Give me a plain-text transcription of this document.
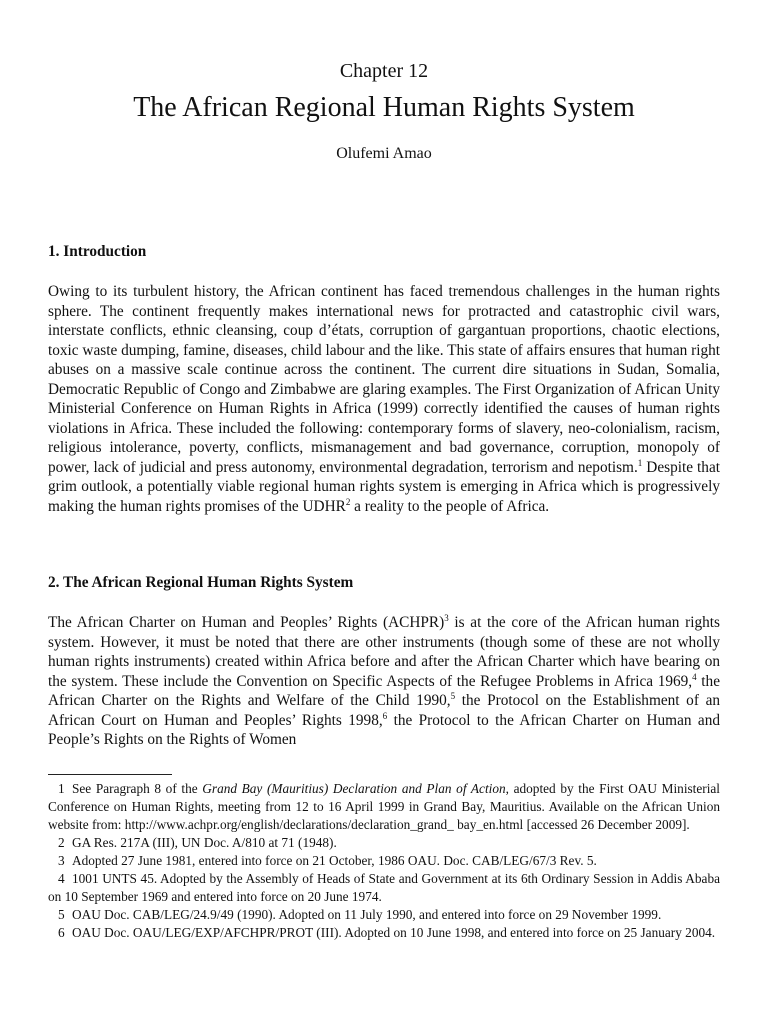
Chapter 12
The African Regional Human Rights System
Olufemi Amao
1. Introduction

Owing to its turbulent history, the African continent has faced tremendous challenges in the human rights sphere. The continent frequently makes international news for protracted and catastrophic civil wars, interstate conflicts, ethnic cleansing, coup d’états, corruption of gargantuan proportions, chaotic elections, toxic waste dumping, famine, diseases, child labour and the like. This state of affairs ensures that human right abuses on a massive scale continue across the continent. The current dire situations in Sudan, Somalia, Democratic Republic of Congo and Zimbabwe are glaring examples. The First Organization of African Unity Ministerial Conference on Human Rights in Africa (1999) correctly identified the causes of human rights violations in Africa. These included the following: contemporary forms of slavery, neo-colonialism, racism, religious intolerance, poverty, conflicts, mismanagement and bad governance, corruption, monopoly of power, lack of judicial and press autonomy, environmental degradation, terrorism and nepotism.$^1$ Despite that grim outlook, a potentially viable regional human rights system is emerging in Africa which is progressively making the human rights promises of the UDHR$^2$ a reality to the people of Africa.

2. The African Regional Human Rights System

The African Charter on Human and Peoples’ Rights (ACHPR)$^3$ is at the core of the African human rights system. However, it must be noted that there are other instruments (though some of these are not wholly human rights instruments) created within Africa before and after the African Charter which have bearing on the system. These include the Convention on Specific Aspects of the Refugee Problems in Africa 1969,$^4$ the African Charter on the Rights and Welfare of the Child 1990,$^5$ the Protocol on the Establishment of an African Court on Human and Peoples’ Rights 1998,$^6$ the Protocol to the African Charter on Human and People’s Rights on the Rights of Women

1 See Paragraph 8 of the Grand Bay (Mauritius) Declaration and Plan of Action, adopted by the First OAU Ministerial Conference on Human Rights, meeting from 12 to 16 April 1999 in Grand Bay, Mauritius. Available on the African Union website from: http://www.achpr.org/english/declarations/declaration_grand_ bay_en.html [accessed 26 December 2009].

2 GA Res. 217A (III), UN Doc. A/810 at 71 (1948).

3 Adopted 27 June 1981, entered into force on 21 October, 1986 OAU. Doc. CAB/LEG/67/3 Rev. 5.

4 1001 UNTS 45. Adopted by the Assembly of Heads of State and Government at its 6th Ordinary Session in Addis Ababa on 10 September 1969 and entered into force on 20 June 1974.

5 OAU Doc. CAB/LEG/24.9/49 (1990). Adopted on 11 July 1990, and entered into force on 29 November 1999.

6 OAU Doc. OAU/LEG/EXP/AFCHPR/PROT (III). Adopted on 10 June 1998, and entered into force on 25 January 2004.
